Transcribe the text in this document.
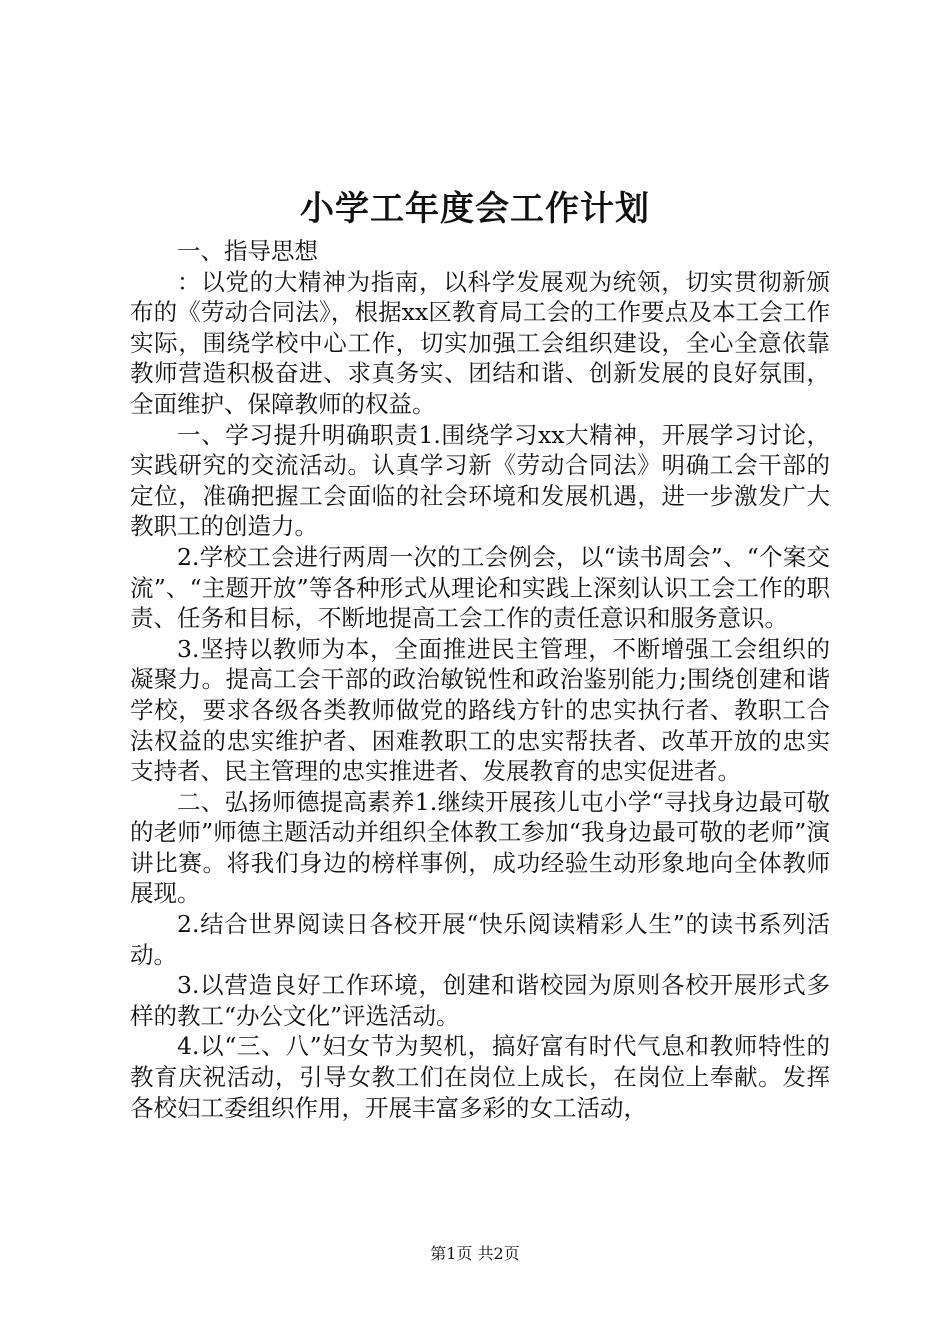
小学工年度会工作计划

一、指导思想

：以党的大精神为指南，以科学发展观为统领，切实贯彻新颁布的《劳动合同法》，根据xx区教育局工会的工作要点及本工会工作实际，围绕学校中心工作，切实加强工会组织建设，全心全意依靠教师营造积极奋进、求真务实、团结和谐、创新发展的良好氛围，全面维护、保障教师的权益。

一、学习提升明确职责1.围绕学习xx大精神，开展学习讨论，实践研究的交流活动。认真学习新《劳动合同法》明确工会干部的定位，准确把握工会面临的社会环境和发展机遇，进一步激发广大教职工的创造力。

2.学校工会进行两周一次的工会例会，以“读书周会”、“个案交流”、“主题开放”等各种形式从理论和实践上深刻认识工会工作的职责、任务和目标，不断地提高工会工作的责任意识和服务意识。

3.坚持以教师为本，全面推进民主管理，不断增强工会组织的凝聚力。提高工会干部的政治敏锐性和政治鉴别能力;围绕创建和谐学校，要求各级各类教师做党的路线方针的忠实执行者、教职工合法权益的忠实维护者、困难教职工的忠实帮扶者、改革开放的忠实支持者、民主管理的忠实推进者、发展教育的忠实促进者。

二、弘扬师德提高素养1.继续开展孩儿屯小学“寻找身边最可敬的老师”师德主题活动并组织全体教工参加“我身边最可敬的老师”演讲比赛。将我们身边的榜样事例，成功经验生动形象地向全体教师展现。

2.结合世界阅读日各校开展“快乐阅读精彩人生”的读书系列活动。

3.以营造良好工作环境，创建和谐校园为原则各校开展形式多样的教工“办公文化”评选活动。

4.以“三、八”妇女节为契机，搞好富有时代气息和教师特性的教育庆祝活动，引导女教工们在岗位上成长，在岗位上奉献。发挥各校妇工委组织作用，开展丰富多彩的女工活动，

第1页 共2页
